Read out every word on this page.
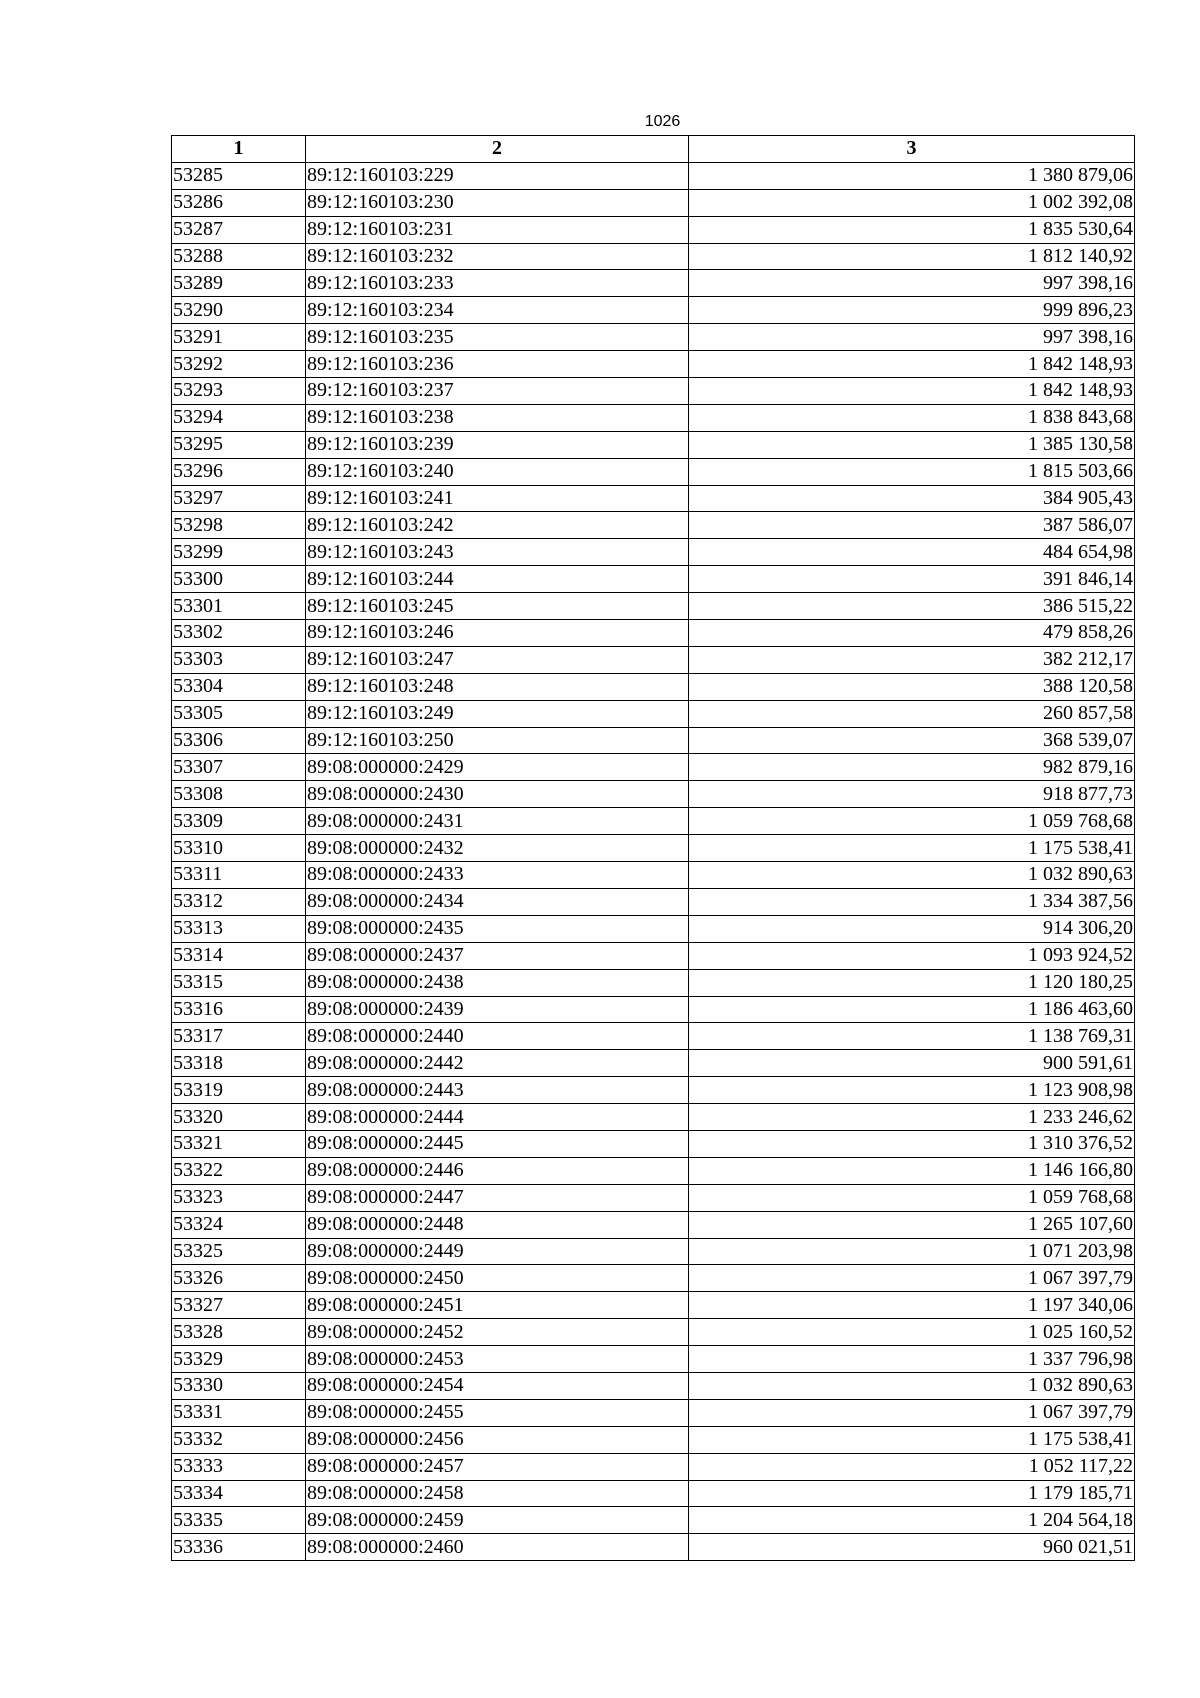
1026
1	2	3
53285	89:12:160103:229	1 380 879,06
53286	89:12:160103:230	1 002 392,08
53287	89:12:160103:231	1 835 530,64
53288	89:12:160103:232	1 812 140,92
53289	89:12:160103:233	997 398,16
53290	89:12:160103:234	999 896,23
53291	89:12:160103:235	997 398,16
53292	89:12:160103:236	1 842 148,93
53293	89:12:160103:237	1 842 148,93
53294	89:12:160103:238	1 838 843,68
53295	89:12:160103:239	1 385 130,58
53296	89:12:160103:240	1 815 503,66
53297	89:12:160103:241	384 905,43
53298	89:12:160103:242	387 586,07
53299	89:12:160103:243	484 654,98
53300	89:12:160103:244	391 846,14
53301	89:12:160103:245	386 515,22
53302	89:12:160103:246	479 858,26
53303	89:12:160103:247	382 212,17
53304	89:12:160103:248	388 120,58
53305	89:12:160103:249	260 857,58
53306	89:12:160103:250	368 539,07
53307	89:08:000000:2429	982 879,16
53308	89:08:000000:2430	918 877,73
53309	89:08:000000:2431	1 059 768,68
53310	89:08:000000:2432	1 175 538,41
53311	89:08:000000:2433	1 032 890,63
53312	89:08:000000:2434	1 334 387,56
53313	89:08:000000:2435	914 306,20
53314	89:08:000000:2437	1 093 924,52
53315	89:08:000000:2438	1 120 180,25
53316	89:08:000000:2439	1 186 463,60
53317	89:08:000000:2440	1 138 769,31
53318	89:08:000000:2442	900 591,61
53319	89:08:000000:2443	1 123 908,98
53320	89:08:000000:2444	1 233 246,62
53321	89:08:000000:2445	1 310 376,52
53322	89:08:000000:2446	1 146 166,80
53323	89:08:000000:2447	1 059 768,68
53324	89:08:000000:2448	1 265 107,60
53325	89:08:000000:2449	1 071 203,98
53326	89:08:000000:2450	1 067 397,79
53327	89:08:000000:2451	1 197 340,06
53328	89:08:000000:2452	1 025 160,52
53329	89:08:000000:2453	1 337 796,98
53330	89:08:000000:2454	1 032 890,63
53331	89:08:000000:2455	1 067 397,79
53332	89:08:000000:2456	1 175 538,41
53333	89:08:000000:2457	1 052 117,22
53334	89:08:000000:2458	1 179 185,71
53335	89:08:000000:2459	1 204 564,18
53336	89:08:000000:2460	960 021,51
